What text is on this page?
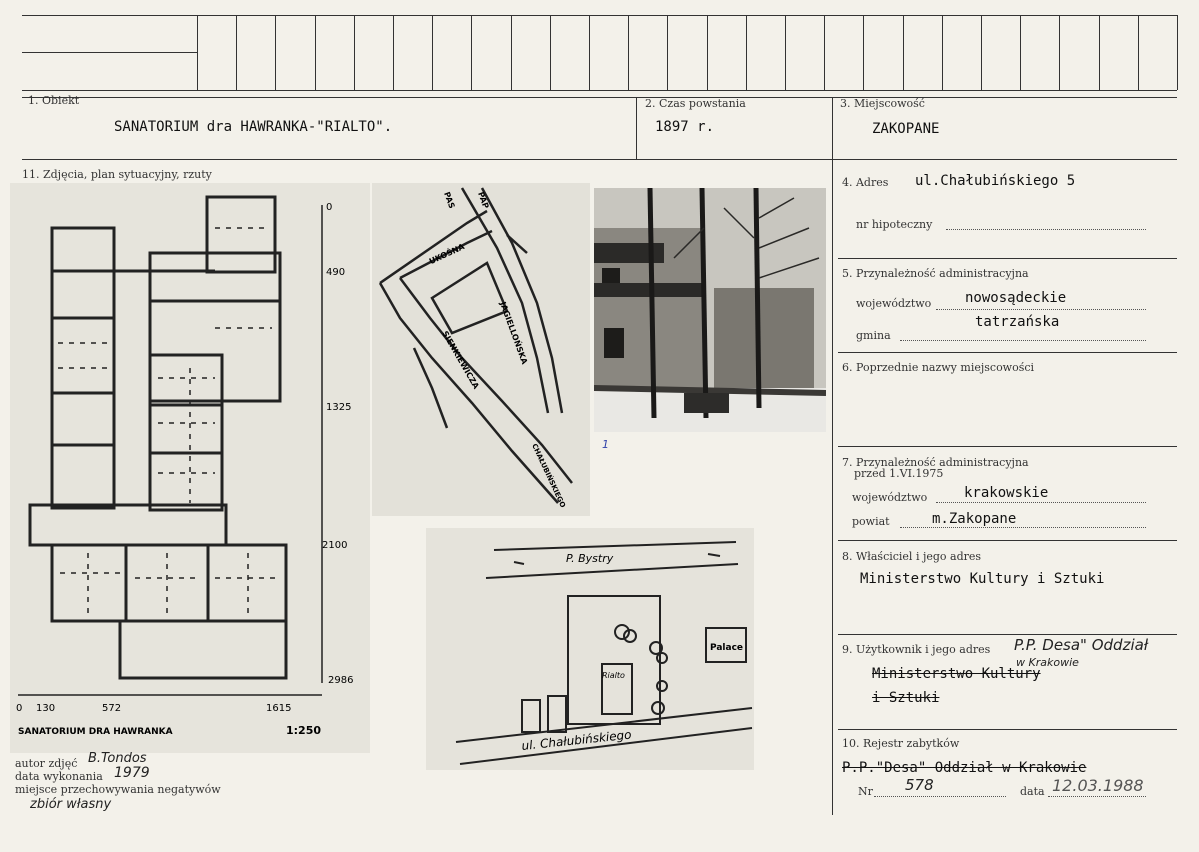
1. Obiekt
SANATORIUM dra HAWRANKA-"RIALTO".
2. Czas powstania
1897 r.
3. Miejscowość
ZAKOPANE
11. Zdjęcia, plan sytuacyjny, rzuty
4. Adres ul.Chałubińskiego 5
nr hipoteczny
5. Przynależność administracyjna
województwo nowosądeckie
gmina
tatrzańska
6. Poprzednie nazwy miejscowości
7. Przynależność administracyjna
przed 1.VI.1975
województwo	krakowskie
powiat	m.Zakopane
8. Właściciel i jego adres
Ministerstwo Kultury i Sztuki
9. Użytkownik i jego adres P.P. Desa" Oddział
w Krakowie
Ministerstwo Kultury
i Sztuki
10. Rejestr zabytków
P.P."Desa" Oddział w Krakowie
Nr 578	data 12.03.1988
0
490
1325
2100
2986
0 130	572	1615
SANATORIUM DRA HAWRANKA	1:250
UKOŚNA
PAS PAP
JAGIELLOŃSKA
SIENKIEWICZA
CHAŁUBIŃSKIEGO	1
P. Bystry
Rialto
Palace
ul. Chałubińskiego
autor zdjęć B.Tondos
data wykonania 1979
miejsce przechowywania negatywów
zbiór własny
